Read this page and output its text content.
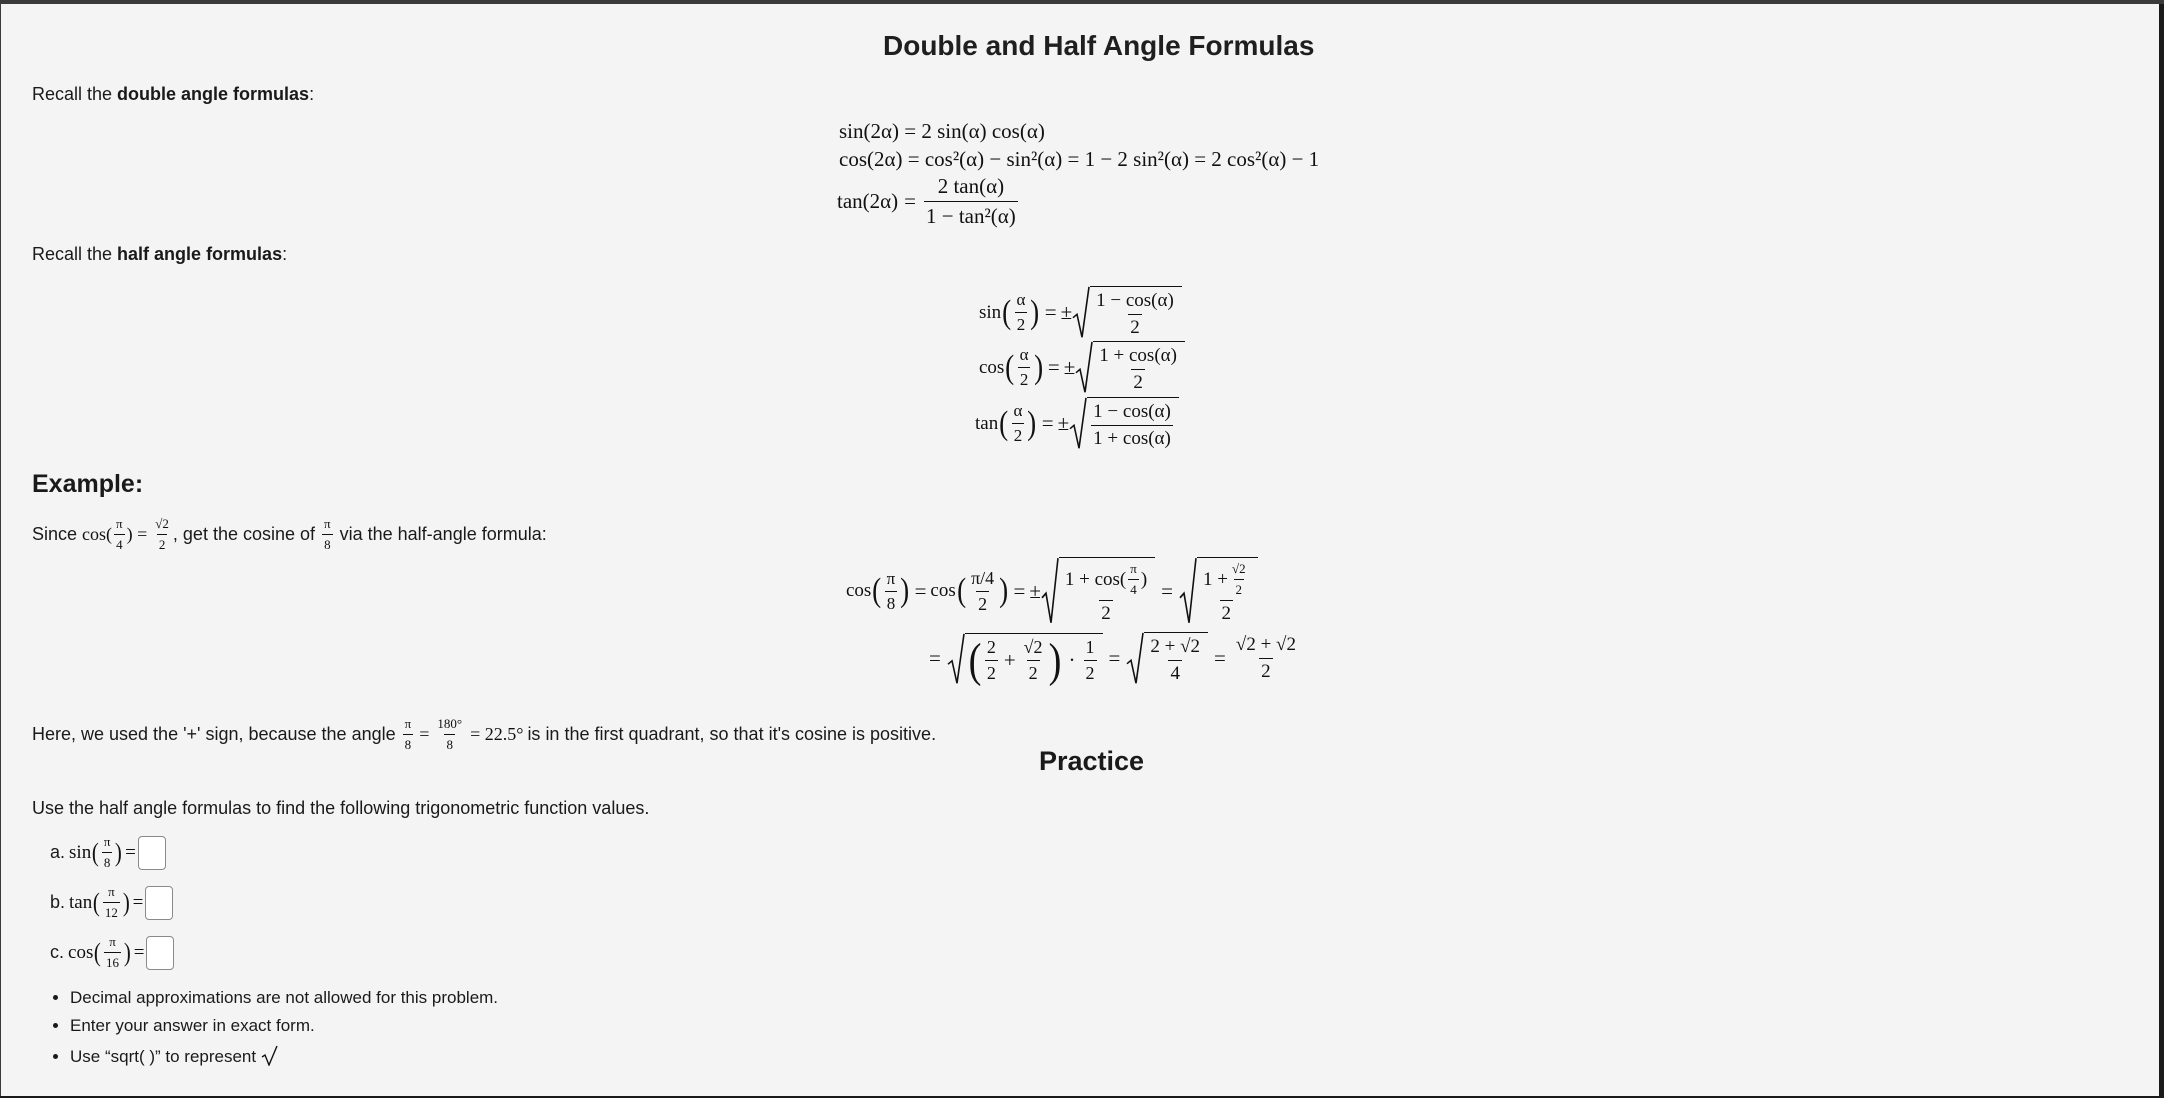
Double and Half Angle Formulas
Recall the double angle formulas:
sin(2α) = 2 sin(α) cos(α)
cos(2α) = cos²(α) − sin²(α) = 1 − 2 sin²(α) = 2 cos²(α) − 1
$\tan(2\alpha) = \frac{2 \tan(\alpha)}{\text{1 − tan²(α)}}$
Recall the half angle formulas:
sin ( $\frac{\alpha}{2}$ ) = ± $\frac{1 - \cos(\alpha)}{2}$
cos ( $\frac{\alpha}{2}$ ) = ± $\frac{1 + \cos(\alpha)}{2}$
tan ( $\frac{\alpha}{2}$ ) = ± $\frac{1 - \cos(\alpha)}{1 + \cos(\alpha)}$
Example:
Since
$\cos( \frac{\pi}{4}$ ) = $\frac{√2}{2}$ , get the cosine of
$\frac{\pi}{8}$
via the half-angle formula:
cos ( $\frac{\pi}{8}$ ) = cos ( $\frac{\pi/4}{2}$ ) = ± $\frac{1 + \cos( \frac{\pi}{4} )}{2} = \frac{1 + \frac{√2}{2}}{2}$
= ( $\frac{2}{2} + \frac{√2}{2}$ ) · $\frac{1}{2} = \frac{2 + √2}{4} = \frac{√2 + √2}{2}$
Here, we used the '+' sign, because the angle
$\frac{\pi}{8} = \frac{180^\circ}{8} = 22.5^\circ$ is in the first quadrant, so that it's cosine is positive.
Practice
Use the half angle formulas to find the following trigonometric function values.
a. sin ( $\frac{\pi}{8}$ ) =
b. tan ( $\frac{\pi}{12}$ ) =
c. cos ( $\frac{\pi}{16}$ ) =
• Decimal approximations are not allowed for this problem.
• Enter your answer in exact form.
• Use “sqrt( )” to represent
